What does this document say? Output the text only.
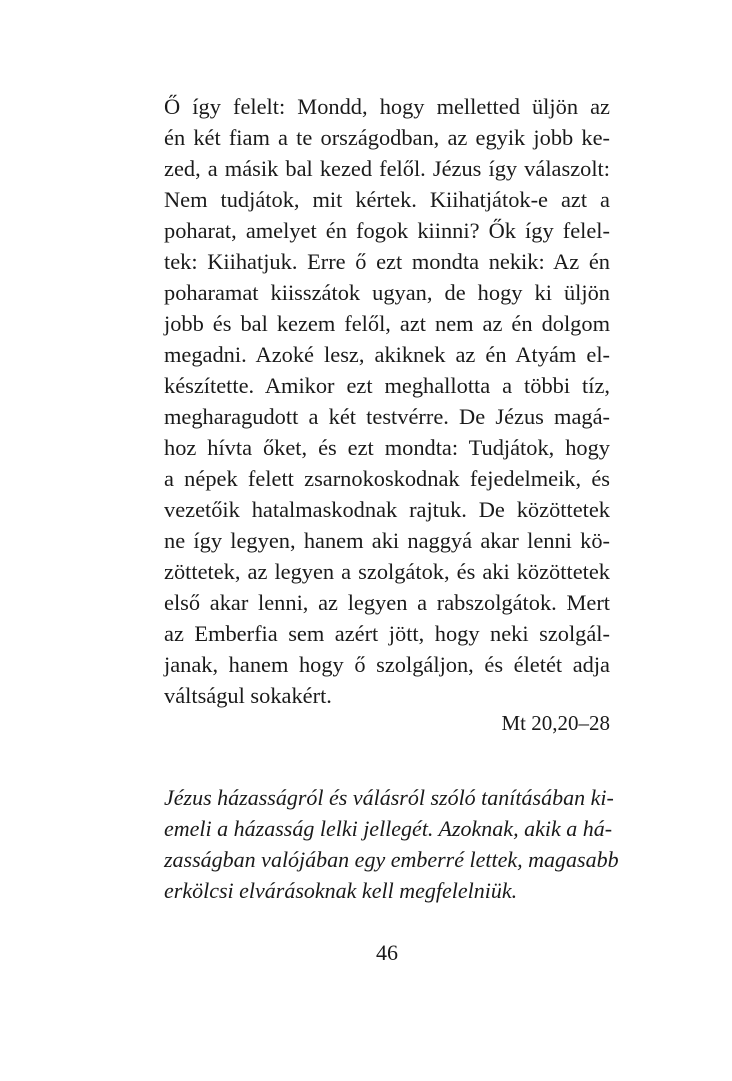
Ő így felelt: Mondd, hogy melletted üljön az
én két fiam a te országodban, az egyik jobb ke-
zed, a másik bal kezed felől. Jézus így válaszolt:
Nem tudjátok, mit kértek. Kiihatjátok-e azt a
poharat, amelyet én fogok kiinni? Ők így felel-
tek: Kiihatjuk. Erre ő ezt mondta nekik: Az én
poharamat kiisszátok ugyan, de hogy ki üljön
jobb és bal kezem felől, azt nem az én dolgom
megadni. Azoké lesz, akiknek az én Atyám el-
készítette. Amikor ezt meghallotta a többi tíz,
megharagudott a két testvérre. De Jézus magá-
hoz hívta őket, és ezt mondta: Tudjátok, hogy
a népek felett zsarnokoskodnak fejedelmeik, és
vezetőik hatalmaskodnak rajtuk. De közöttetek
ne így legyen, hanem aki naggyá akar lenni kö-
zöttetek, az legyen a szolgátok, és aki közöttetek
első akar lenni, az legyen a rabszolgátok. Mert
az Emberfia sem azért jött, hogy neki szolgál-
janak, hanem hogy ő szolgáljon, és életét adja
váltságul sokakért.

Mt 20,20–28

Jézus házasságról és válásról szóló tanításában ki-
emeli a házasság lelki jellegét. Azoknak, akik a há-
zasságban valójában egy emberré lettek, magasabb
erkölcsi elvárásoknak kell megfelelniük.

46
